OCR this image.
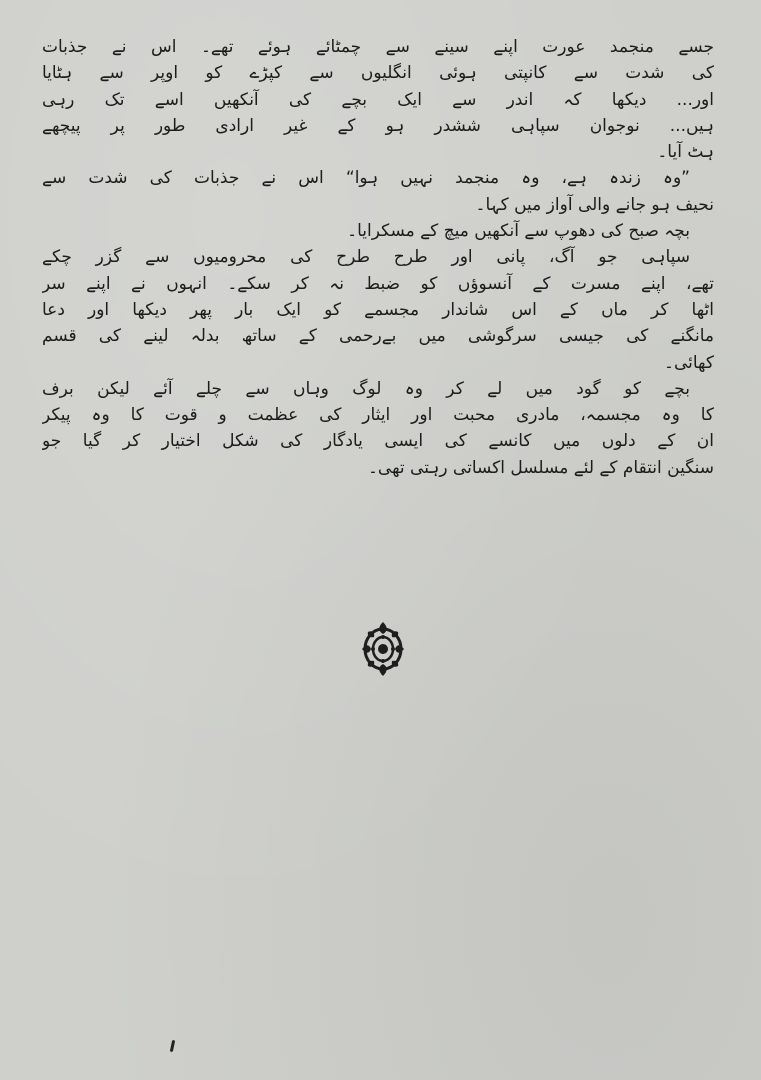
جسے منجمد عورت اپنے سینے سے چمٹائے ہوئے تھے۔ اس نے جذبات
کی شدت سے کانپتی ہوئی انگلیوں سے کپڑے کو اوپر سے ہٹایا
اور... دیکھا کہ اندر سے ایک بچے کی آنکھیں اسے تک رہی
ہیں... نوجوان سپاہی ششدر ہو کے غیر ارادی طور پر پیچھے
ہٹ آیا۔
”وہ زندہ ہے، وہ منجمد نہیں ہوا“ اس نے جذبات کی شدت سے
نحیف ہو جانے والی آواز میں کہا۔
بچہ صبح کی دھوپ سے آنکھیں میچ کے مسکرایا۔
سپاہی جو آگ، پانی اور طرح طرح کی محرومیوں سے گزر چکے
تھے، اپنے مسرت کے آنسوؤں کو ضبط نہ کر سکے۔ انہوں نے اپنے سر
اٹھا کر ماں کے اس شاندار مجسمے کو ایک بار پھر دیکھا اور دعا
مانگنے کی جیسی سرگوشی میں بےرحمی کے ساتھ بدلہ لینے کی قسم
کھائی۔
بچے کو گود میں لے کر وہ لوگ وہاں سے چلے آئے لیکن برف
کا وہ مجسمہ، مادری محبت اور ایثار کی عظمت و قوت کا وہ پیکر
ان کے دلوں میں کانسے کی ایسی یادگار کی شکل اختیار کر گیا جو
سنگین انتقام کے لئے مسلسل اکساتی رہتی تھی۔
